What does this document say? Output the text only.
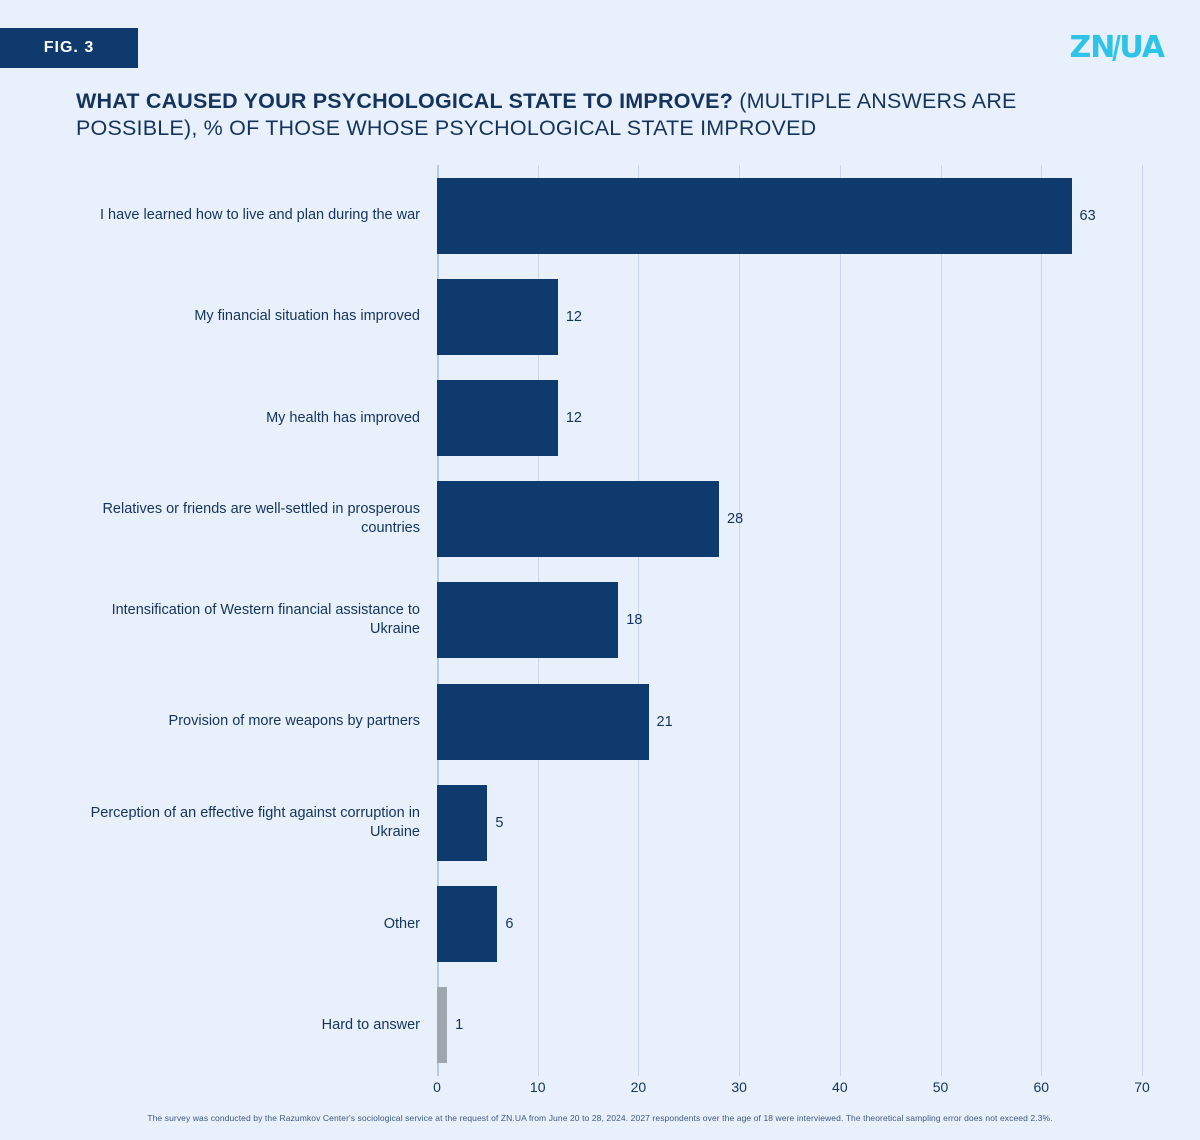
FIG. 3	ZN UA
WHAT CAUSED YOUR PSYCHOLOGICAL STATE TO IMPROVE? (MULTIPLE ANSWERS ARE POSSIBLE), % OF THOSE WHOSE PSYCHOLOGICAL STATE IMPROVED
63
12
12
28
18
21
5
6
1
I have learned how to live and plan during the war
My financial situation has improved
My health has improved
Relatives or friends are well-settled in prosperous countries
Intensification of Western financial assistance to Ukraine
Provision of more weapons by partners
Perception of an effective fight against corruption in Ukraine
Other
Hard to answer
0	10	20	30	40	50	60	70
The survey was conducted by the Razumkov Center's sociological service at the request of ZN.UA from June 20 to 28, 2024. 2027 respondents over the age of 18 were interviewed. The theoretical sampling error does not exceed 2.3%.
